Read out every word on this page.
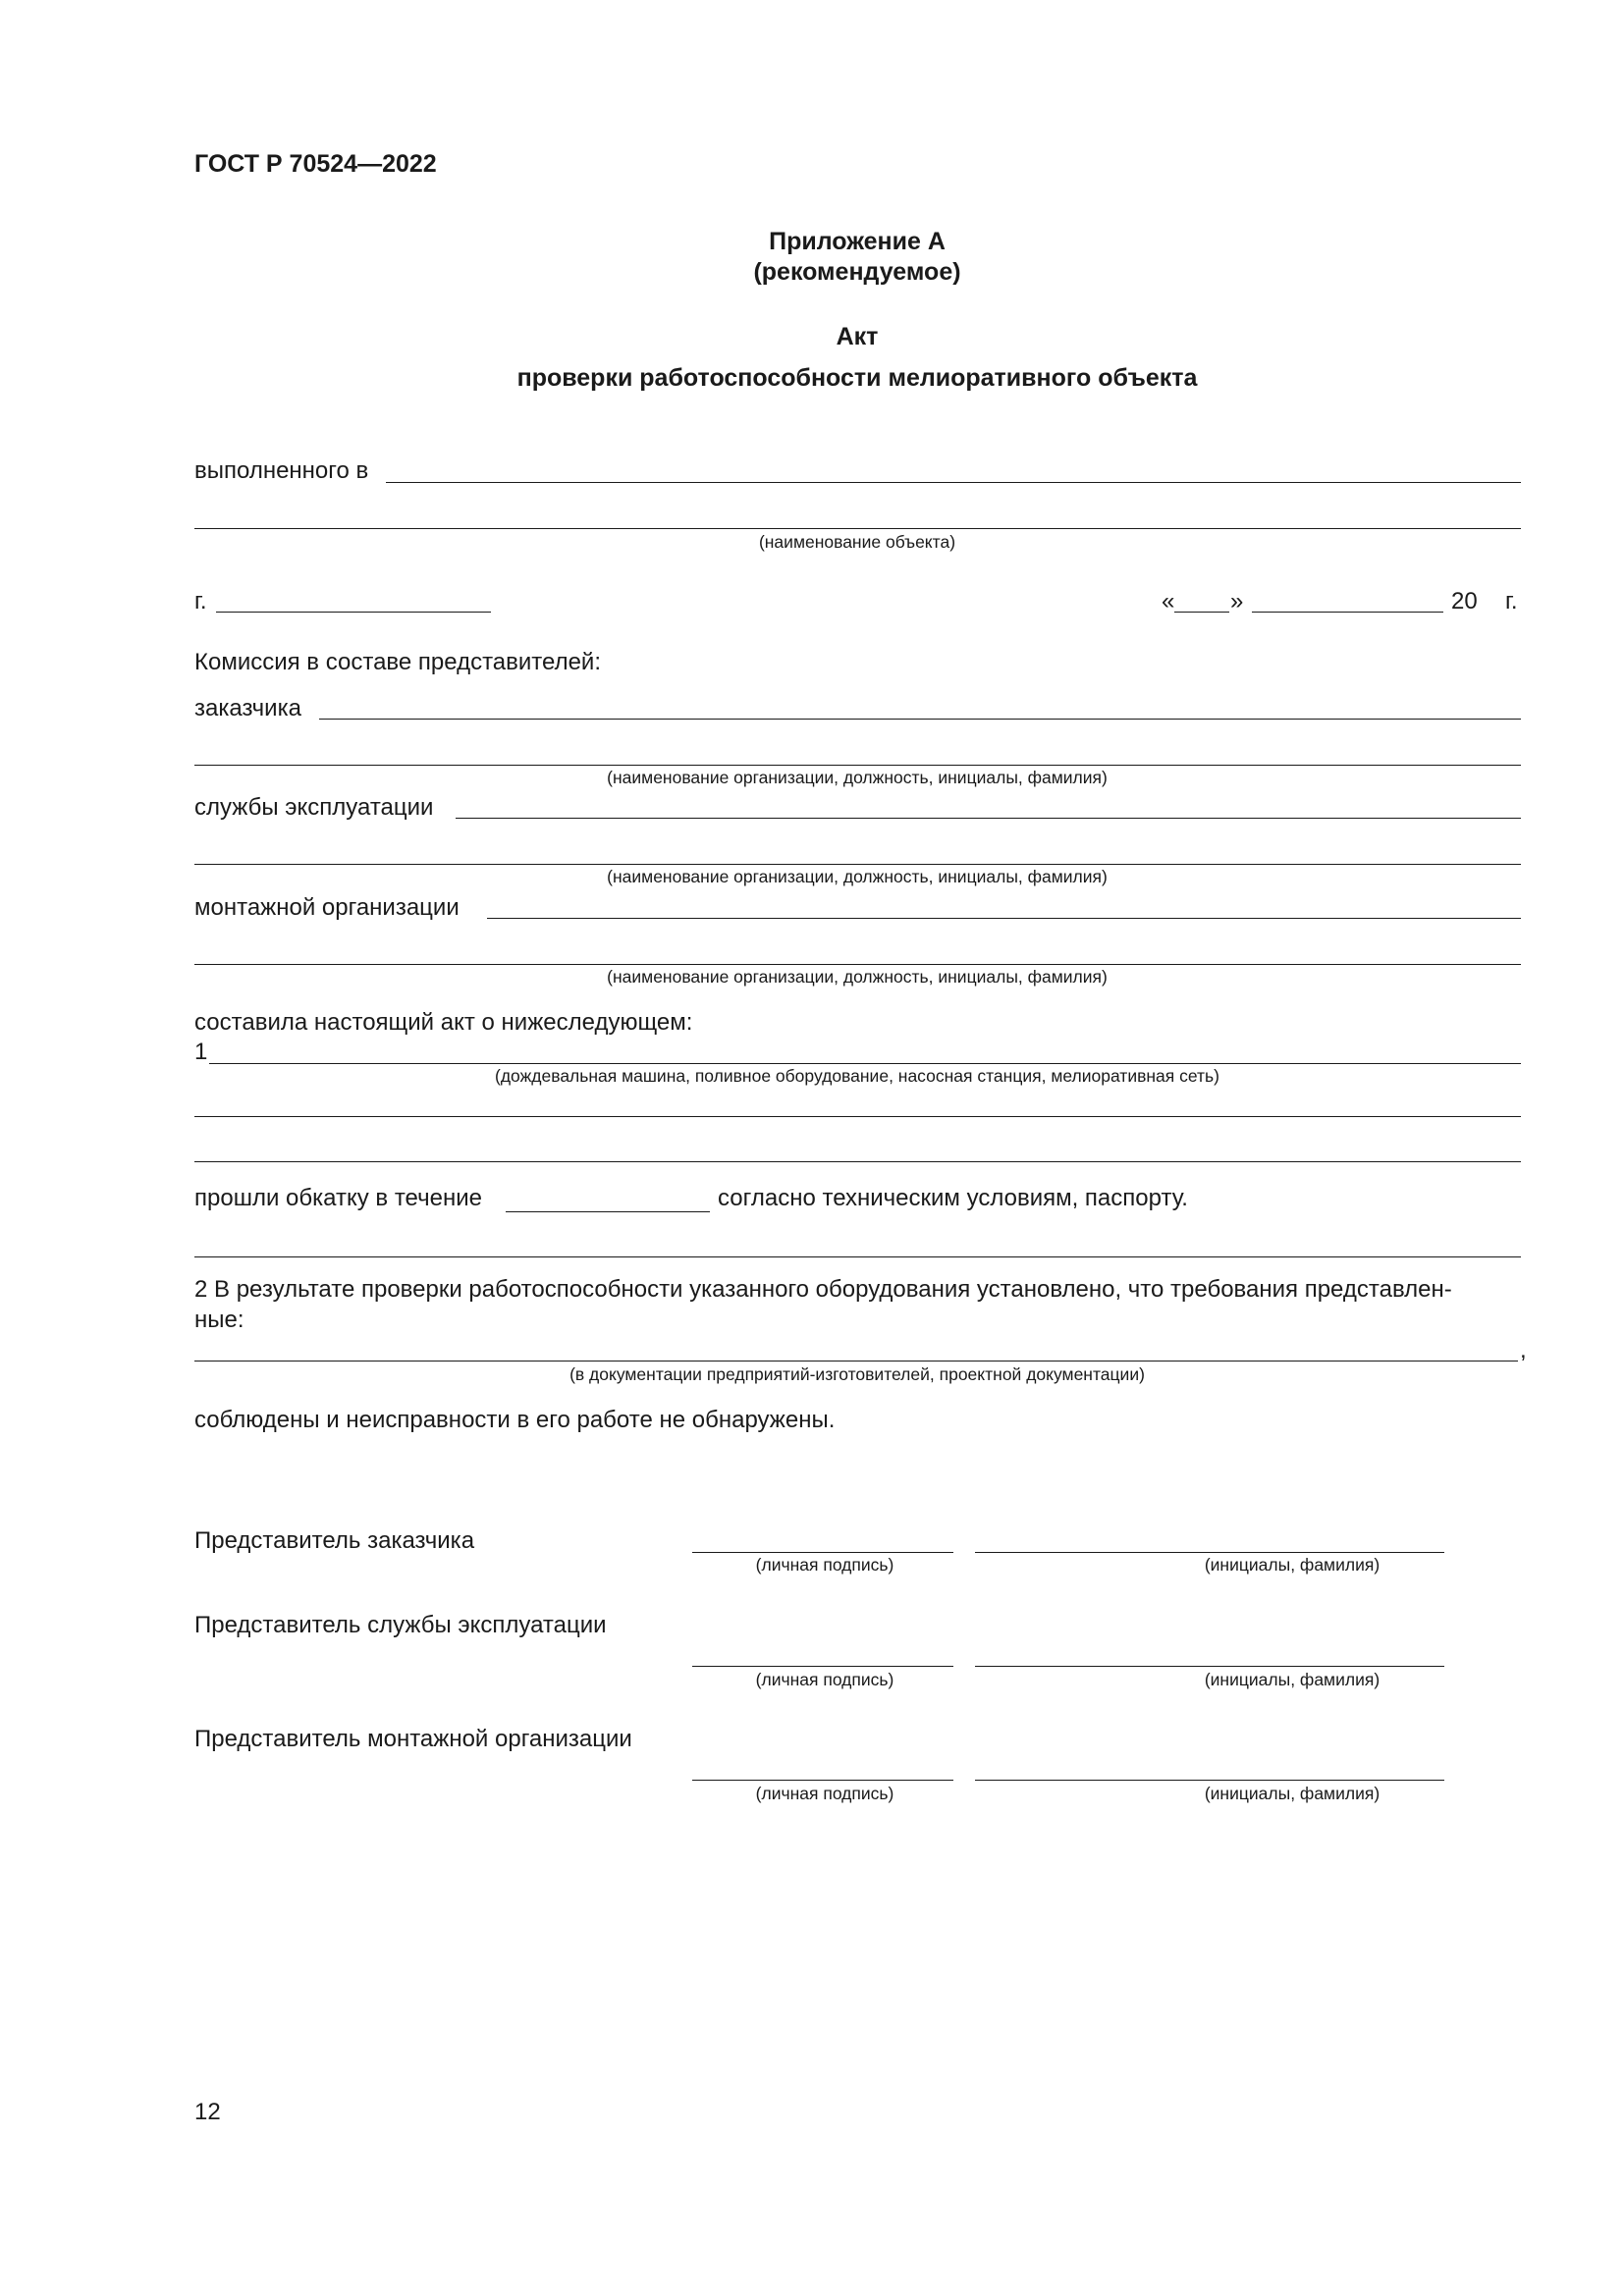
ГОСТ Р 70524—2022
Приложение А
(рекомендуемое)
Акт
проверки работоспособности мелиоративного объекта
выполненного в
(наименование объекта)
г.	« »	20 г.
Комиссия в составе представителей:
заказчика
(наименование организации, должность, инициалы, фамилия)
службы эксплуатации
(наименование организации, должность, инициалы, фамилия)
монтажной организации
(наименование организации, должность, инициалы, фамилия)
составила настоящий акт о нижеследующем:
1
(дождевальная машина, поливное оборудование, насосная станция, мелиоративная сеть)
прошли обкатку в течение	согласно техническим условиям, паспорту.
2 В результате проверки работоспособности указанного оборудования установлено, что требования представлен-
ные:
,
(в документации предприятий-изготовителей, проектной документации)
соблюдены и неисправности в его работе не обнаружены.
Представитель заказчика
(личная подпись)	(инициалы, фамилия)
Представитель службы эксплуатации
(личная подпись)	(инициалы, фамилия)
Представитель монтажной организации
(личная подпись)	(инициалы, фамилия)
12
